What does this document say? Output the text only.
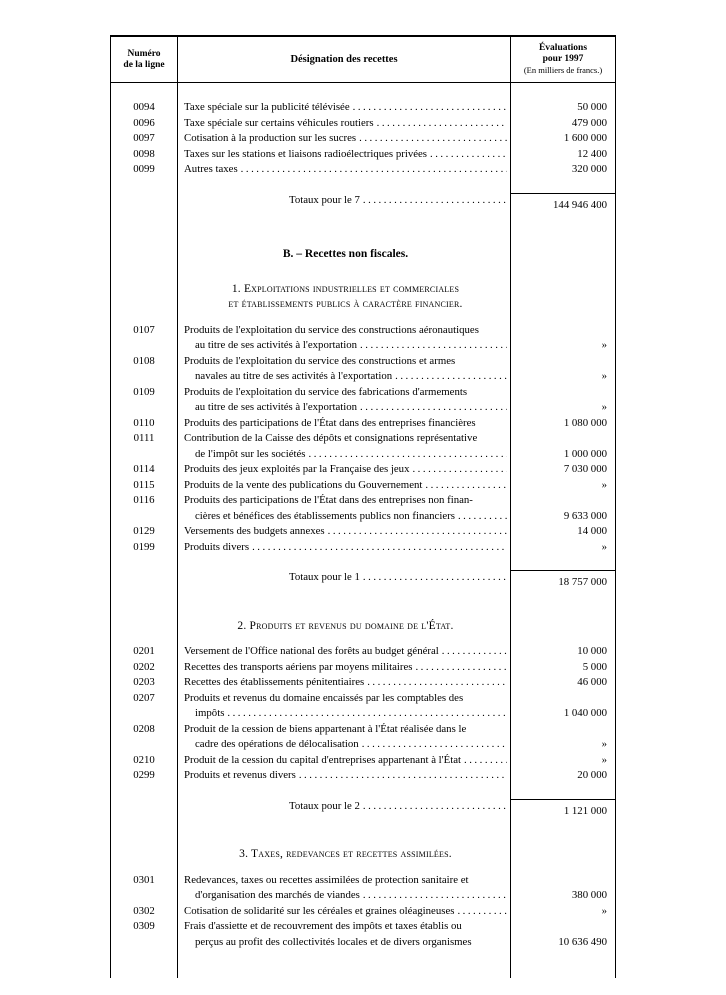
Numéro
de la ligne	Désignation des recettes
Évaluations
pour 1997
(En milliers de francs.)
0094	Taxe spéciale sur la publicité télévisée .....	50 000
0096	Taxe spéciale sur certains véhicules routiers .....	479 000
0097	Cotisation à la production sur les sucres .....	1 600 000
0098	Taxes sur les stations et liaisons radioélectriques privées .....	12 400
0099	Autres taxes .....	320 000
Totaux pour le 7 .....	144 946 400
B. – Recettes non fiscales.
1. Exploitations industrielles et commerciales
et établissements publics à caractère financier.
0107	Produits de l'exploitation du service des constructions aéronautiques
au titre de ses activités à l'exportation .....	»
0108	Produits de l'exploitation du service des constructions et armes
navales au titre de ses activités à l'exportation .....	»
0109	Produits de l'exploitation du service des fabrications d'armements
au titre de ses activités à l'exportation .....	»
0110	Produits des participations de l'État dans des entreprises financières	1 080 000
0111	Contribution de la Caisse des dépôts et consignations représentative
de l'impôt sur les sociétés .....	1 000 000
0114	Produits des jeux exploités par la Française des jeux .....	7 030 000
0115	Produits de la vente des publications du Gouvernement .....	»
0116	Produits des participations de l'État dans des entreprises non finan-
cières et bénéfices des établissements publics non financiers .....	9 633 000
0129	Versements des budgets annexes .....	14 000
0199	Produits divers .....	»
Totaux pour le 1 .....	18 757 000
2. Produits et revenus du domaine de l'État.
0201	Versement de l'Office national des forêts au budget général .....	10 000
0202	Recettes des transports aériens par moyens militaires .....	5 000
0203	Recettes des établissements pénitentiaires .....	46 000
0207	Produits et revenus du domaine encaissés par les comptables des
impôts .....	1 040 000
0208	Produit de la cession de biens appartenant à l'État réalisée dans le
cadre des opérations de délocalisation .....	»
0210	Produit de la cession du capital d'entreprises appartenant à l'État .....	»
0299	Produits et revenus divers .....	20 000
Totaux pour le 2 .....	1 121 000
3. Taxes, redevances et recettes assimilées.
0301	Redevances, taxes ou recettes assimilées de protection sanitaire et
d'organisation des marchés de viandes .....	380 000
0302	Cotisation de solidarité sur les céréales et graines oléagineuses .....	»
0309	Frais d'assiette et de recouvrement des impôts et taxes établis ou
perçus au profit des collectivités locales et de divers organismes	10 636 490
